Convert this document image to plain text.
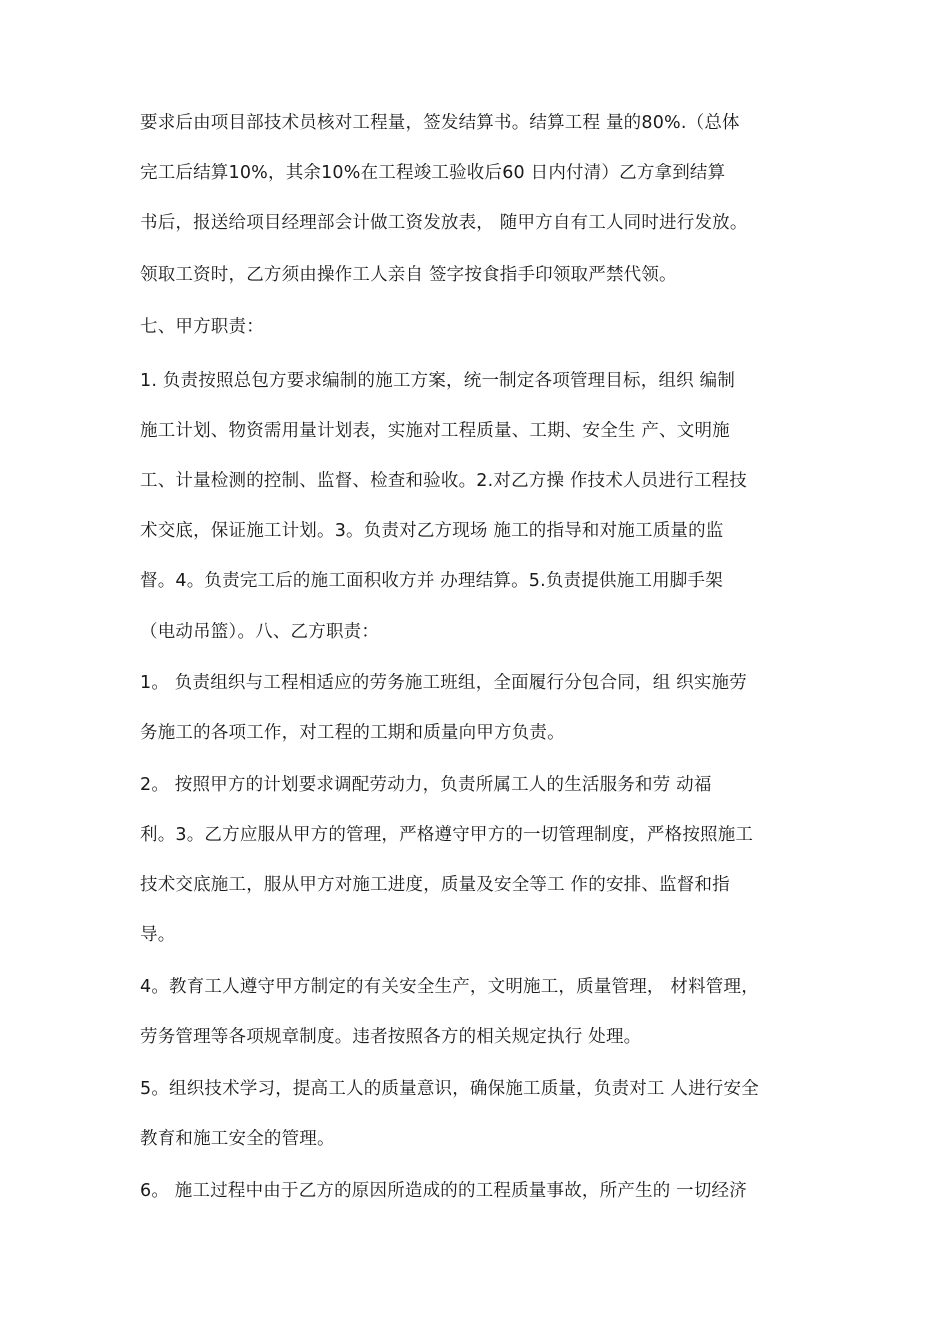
要求后由项目部技术员核对工程量，签发结算书。结算工程 量的80%.（总体
完工后结算10%，其余10%在工程竣工验收后60 日内付清）乙方拿到结算
书后，报送给项目经理部会计做工资发放表， 随甲方自有工人同时进行发放。
领取工资时，乙方须由操作工人亲自 签字按食指手印领取严禁代领。
七、甲方职责：
1. 负责按照总包方要求编制的施工方案，统一制定各项管理目标，组织 编制
施工计划、物资需用量计划表，实施对工程质量、工期、安全生 产、文明施
工、计量检测的控制、监督、检查和验收。2.对乙方操 作技术人员进行工程技
术交底，保证施工计划。3。负责对乙方现场 施工的指导和对施工质量的监
督。4。负责完工后的施工面积收方并 办理结算。5.负责提供施工用脚手架
（电动吊篮）。八、乙方职责：
1。 负责组织与工程相适应的劳务施工班组，全面履行分包合同，组 织实施劳
务施工的各项工作，对工程的工期和质量向甲方负责。
2。 按照甲方的计划要求调配劳动力，负责所属工人的生活服务和劳 动福
利。3。乙方应服从甲方的管理，严格遵守甲方的一切管理制度，严格按照施工
技术交底施工，服从甲方对施工进度，质量及安全等工 作的安排、监督和指
导。
4。教育工人遵守甲方制定的有关安全生产，文明施工，质量管理， 材料管理，
劳务管理等各项规章制度。违者按照各方的相关规定执行 处理。
5。组织技术学习，提高工人的质量意识，确保施工质量，负责对工 人进行安全
教育和施工安全的管理。
6。 施工过程中由于乙方的原因所造成的的工程质量事故，所产生的 一切经济
